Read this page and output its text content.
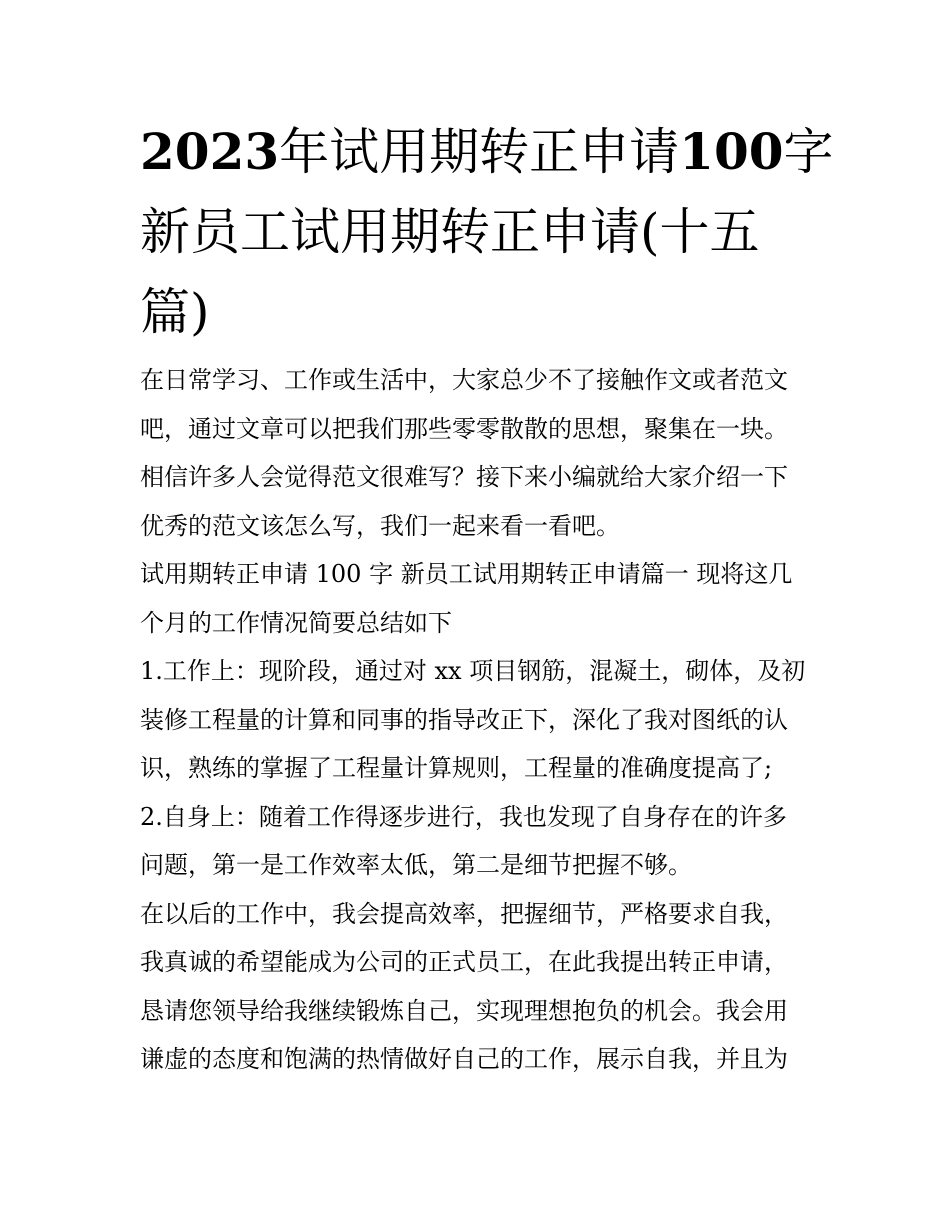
2023年试用期转正申请100字
新员工试用期转正申请(十五
篇)

在日常学习、工作或生活中，大家总少不了接触作文或者范文
吧，通过文章可以把我们那些零零散散的思想，聚集在一块。
相信许多人会觉得范文很难写？接下来小编就给大家介绍一下
优秀的范文该怎么写，我们一起来看一看吧。

试用期转正申请 100 字 新员工试用期转正申请篇一 现将这几
个月的工作情况简要总结如下

1.工作上：现阶段，通过对 xx 项目钢筋，混凝土，砌体，及初
装修工程量的计算和同事的指导改正下，深化了我对图纸的认
识，熟练的掌握了工程量计算规则，工程量的准确度提高了;

2.自身上：随着工作得逐步进行，我也发现了自身存在的许多
问题，第一是工作效率太低，第二是细节把握不够。

在以后的工作中，我会提高效率，把握细节，严格要求自我，
我真诚的希望能成为公司的正式员工，在此我提出转正申请，
恳请您领导给我继续锻炼自己，实现理想抱负的机会。我会用
谦虚的态度和饱满的热情做好自己的工作，展示自我，并且为
